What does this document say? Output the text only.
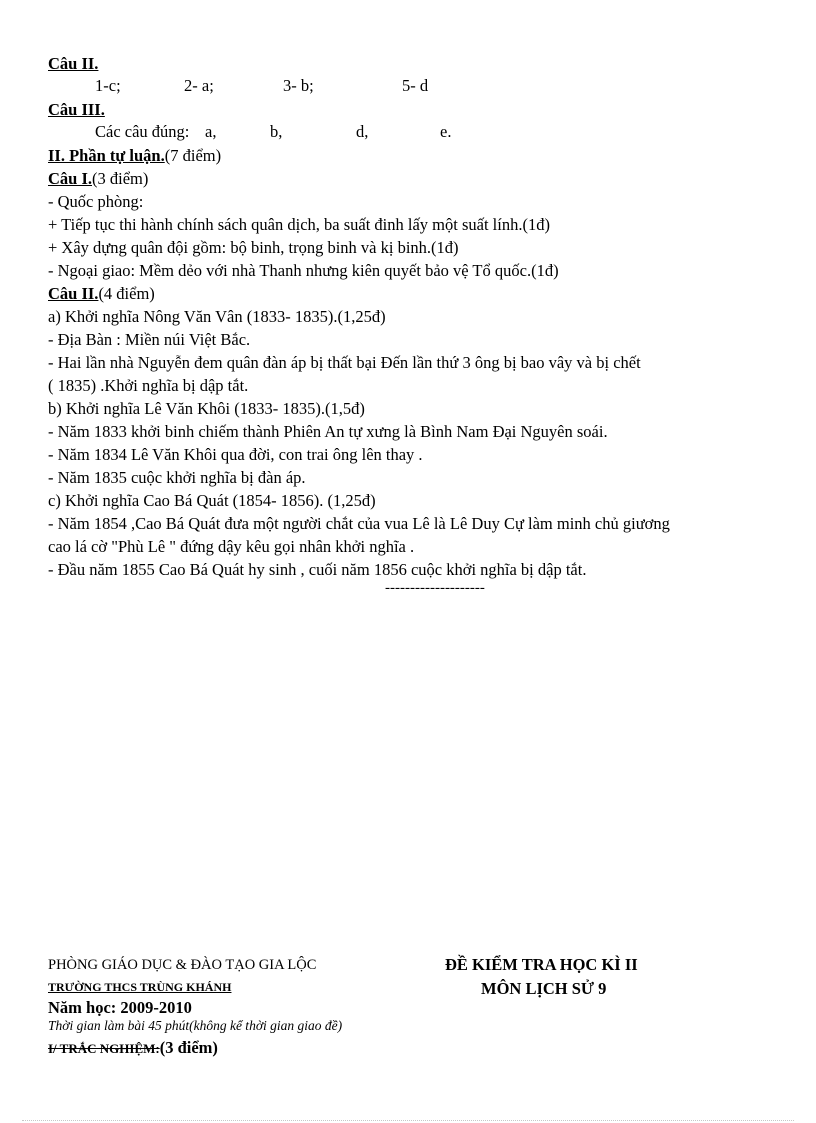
Câu II.
1-c;	2- a;	3- b;	5- d
Câu III.
Các câu đúng: a,	b,	d,	e.
II. Phần tự luận.(7 điểm)
Câu I.(3 điểm)
- Quốc phòng:
+ Tiếp tục thi hành chính sách quân dịch, ba suất đinh lấy một suất lính.(1đ)
+ Xây dựng quân đội gồm: bộ binh, trọng binh và kị binh.(1đ)
- Ngoại giao: Mềm dẻo với nhà Thanh nhưng kiên quyết bảo vệ Tổ quốc.(1đ)
Câu II.(4 điểm)
a) Khởi nghĩa Nông Văn Vân (1833- 1835).(1,25đ)
- Địa Bàn : Miền núi Việt Bắc.
- Hai lần nhà Nguyễn đem quân đàn áp bị thất bại Đến lần thứ 3 ông bị bao vây và bị chết
( 1835) .Khởi nghĩa bị dập tắt.
b) Khởi nghĩa Lê Văn Khôi (1833- 1835).(1,5đ)
- Năm 1833 khởi binh chiếm thành Phiên An tự xưng là Bình Nam Đại Nguyên soái.
- Năm 1834 Lê Văn Khôi qua đời, con trai ông lên thay .
- Năm 1835 cuộc khởi nghĩa bị đàn áp.
c) Khởi nghĩa Cao Bá Quát (1854- 1856). (1,25đ)
- Năm 1854 ,Cao Bá Quát đưa một người chắt của vua Lê là Lê Duy Cự làm minh chủ giương
cao lá cờ "Phù Lê " đứng dậy kêu gọi nhân khởi nghĩa .
- Đầu năm 1855 Cao Bá Quát hy sinh , cuối năm 1856 cuộc khởi nghĩa bị dập tắt.
--------------------
PHÒNG GIÁO DỤC & ĐÀO TẠO GIA LỘC
TRƯỜNG THCS TRÙNG KHÁNH
Năm học: 2009-2010
Thời gian làm bài 45 phút(không kể thời gian giao đề)
I/ TRẮC NGHIỆM:(3 điểm)
ĐỀ KIỂM TRA HỌC KÌ II
MÔN LỊCH SỬ 9
